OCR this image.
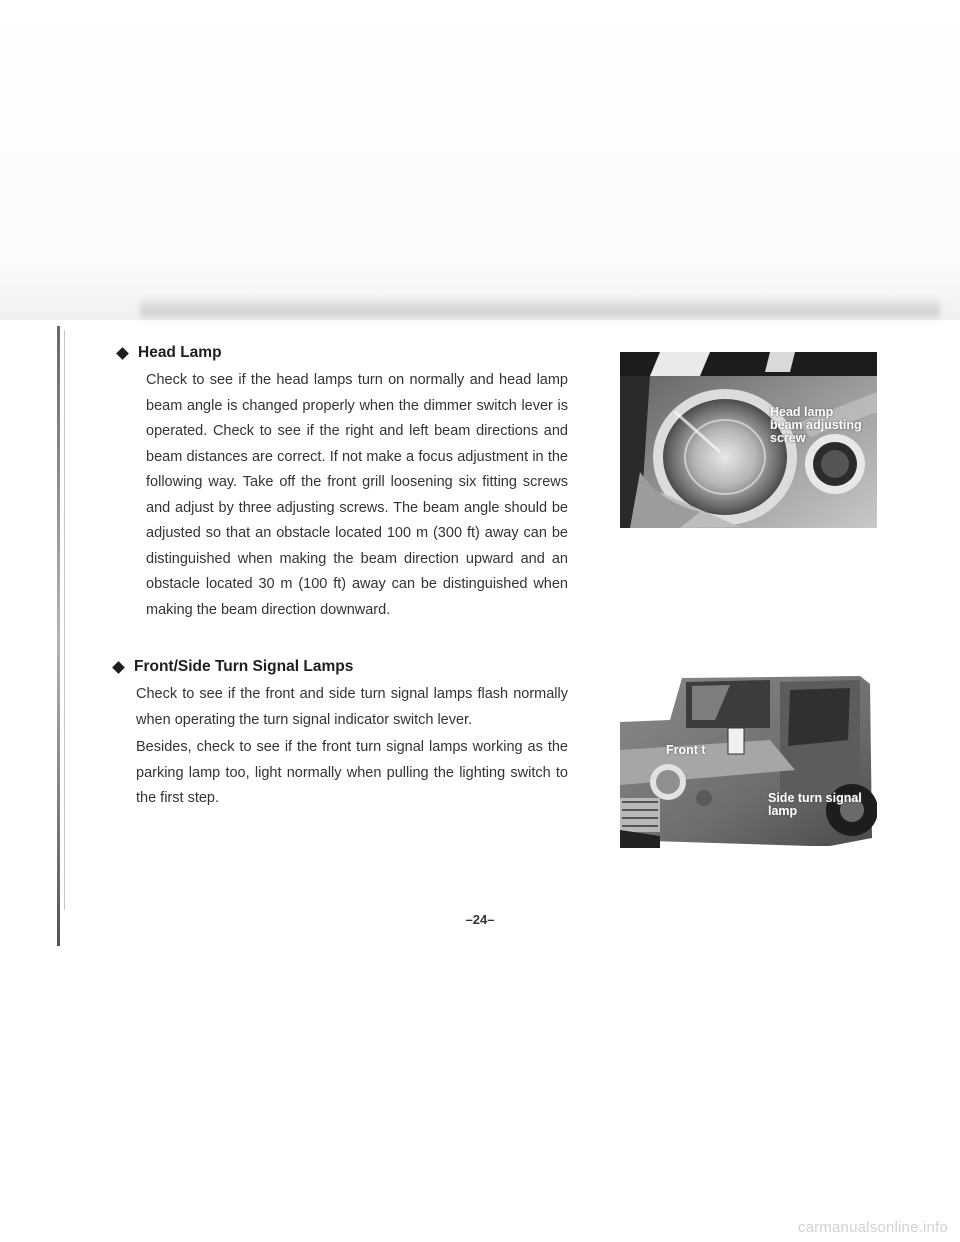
Head Lamp

Check to see if the head lamps turn on normally and head lamp beam angle is changed properly when the dimmer switch lever is operated. Check to see if the right and left beam directions and beam distances are correct. If not make a focus adjustment in the following way. Take off the front grill loosening six fitting screws and adjust by three adjusting screws. The beam angle should be adjusted so that an obstacle located 100 m (300 ft) away can be distinguished when making the beam direction upward and an obstacle located 30 m (100 ft) away can be distinguished when making the beam direction downward.

Front/Side Turn Signal Lamps

Check to see if the front and side turn signal lamps flash normally when operating the turn signal indicator switch lever.

Besides, check to see if the front turn signal lamps working as the parking lamp too, light normally when pulling the lighting switch to the first step.

Head lamp beam adjusting screw
Front t
Side turn signal lamp
–24–
carmanualsonline.info
